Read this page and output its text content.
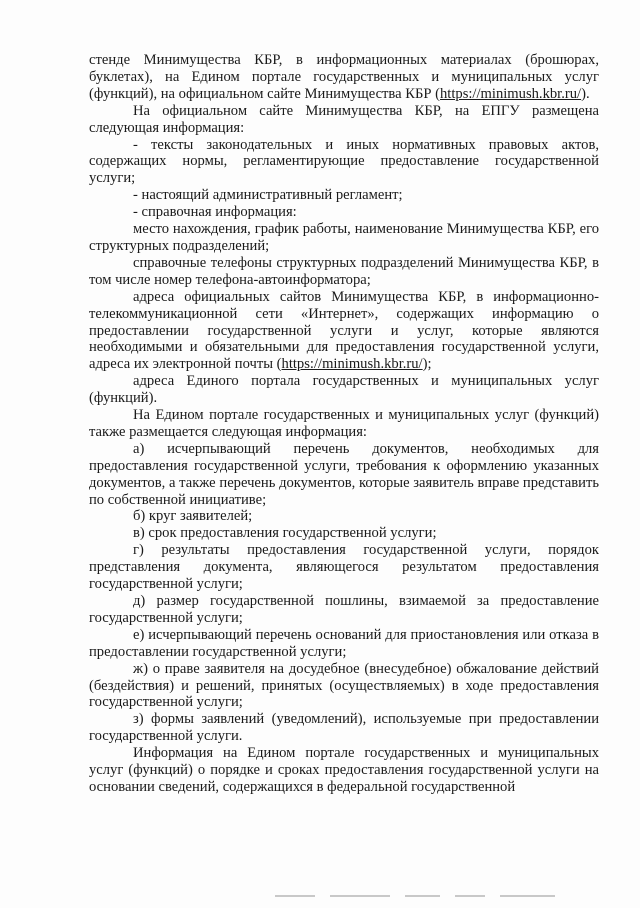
стенде Минимущества КБР, в информационных материалах (брошюрах, буклетах), на Едином портале государственных и муниципальных услуг (функций), на официальном сайте Минимущества КБР (https://minimush.kbr.ru/).

На официальном сайте Минимущества КБР, на ЕПГУ размещена следующая информация:

- тексты законодательных и иных нормативных правовых актов, содержащих нормы, регламентирующие предоставление государственной услуги;

- настоящий административный регламент;

- справочная информация:

место нахождения, график работы, наименование Минимущества КБР, его структурных подразделений;

справочные телефоны структурных подразделений Минимущества КБР, в том числе номер телефона-автоинформатора;

адреса официальных сайтов Минимущества КБР, в информационно-телекоммуникационной сети «Интернет», содержащих информацию о предоставлении государственной услуги и услуг, которые являются необходимыми и обязательными для предоставления государственной услуги, адреса их электронной почты (https://minimush.kbr.ru/);

адреса Единого портала государственных и муниципальных услуг (функций).

На Едином портале государственных и муниципальных услуг (функций) также размещается следующая информация:

а) исчерпывающий перечень документов, необходимых для предоставления государственной услуги, требования к оформлению указанных документов, а также перечень документов, которые заявитель вправе представить по собственной инициативе;

б) круг заявителей;

в) срок предоставления государственной услуги;

г) результаты предоставления государственной услуги, порядок представления документа, являющегося результатом предоставления государственной услуги;

д) размер государственной пошлины, взимаемой за предоставление государственной услуги;

е) исчерпывающий перечень оснований для приостановления или отказа в предоставлении государственной услуги;

ж) о праве заявителя на досудебное (внесудебное) обжалование действий (бездействия) и решений, принятых (осуществляемых) в ходе предоставления государственной услуги;

з) формы заявлений (уведомлений), используемые при предоставлении государственной услуги.

Информация на Едином портале государственных и муниципальных услуг (функций) о порядке и сроках предоставления государственной услуги на основании сведений, содержащихся в федеральной государственной
